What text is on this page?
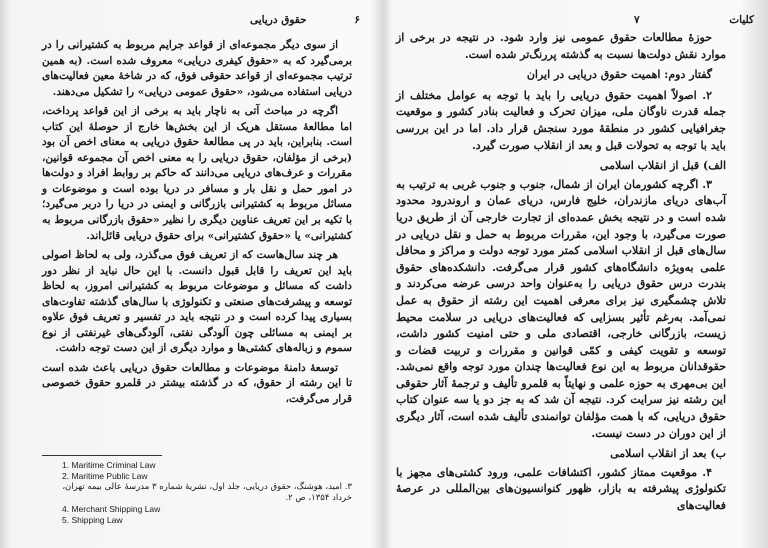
۶
حقوق دریایی

از سوی دیگر مجموعه‌ای از قواعد جرایم مربوط به کشتیرانی را در برمی‌گیرد که به «حقوق کیفری دریایی» معروف شده است. (به همین ترتیب مجموعه‌ای از قواعد حقوقی فوق، که در شاخهٔ معین فعالیت‌های دریایی استفاده می‌شود، «حقوق عمومی دریایی» را تشکیل می‌دهند.

اگرچه در مباحث آتی به ناچار باید به برخی از این قواعد پرداخت، اما مطالعهٔ مستقل هریک از این بخش‌ها خارج از حوصلهٔ این کتاب است. بنابراین، باید در پی مطالعهٔ حقوق دریایی به معنای اخص آن بود (برخی از مؤلفان، حقوق دریایی را به معنی اخص آن مجموعه قوانین، مقررات و عرف‌های دریایی می‌دانند که حاکم بر روابط افراد و دولت‌ها در امور حمل و نقل بار و مسافر در دریا بوده است و موضوعات و مسائل مربوط به کشتیرانی بازرگانی و ایمنی در دریا را دربر می‌گیرد؛ با تکیه بر این تعریف عناوین دیگری را نظیر «حقوق بازرگانی مربوط به کشتیرانی» یا «حقوق کشتیرانی» برای حقوق دریایی قائل‌اند.

هر چند سال‌هاست که از تعریف فوق می‌گذرد، ولی به لحاظ اصولی باید این تعریف را قابل قبول دانست. با این حال نباید از نظر دور داشت که مسائل و موضوعات مربوط به کشتیرانی امروز، به لحاظ توسعه و پیشرفت‌های صنعتی و تکنولوژی با سال‌های گذشته تفاوت‌های بسیاری پیدا کرده است و در نتیجه باید در تفسیر و تعریف فوق علاوه بر ایمنی به مسائلی چون آلودگی نفتی، آلودگی‌های غیرنفتی از نوع سموم و زباله‌های کشتی‌ها و موارد دیگری از این دست توجه داشت.

توسعهٔ دامنهٔ موضوعات و مطالعات حقوق دریایی باعث شده است تا این رشته از حقوق، که در گذشته بیشتر در قلمرو حقوق خصوصی قرار می‌گرفت،

1. Maritime Criminal Law
2. Maritime Public Law
۳. امید، هوشنگ، حقوق دریایی، جلد اول، نشریهٔ شماره ۳ مدرسهٔ عالی بیمه تهران، خرداد ۱۳۵۴، ص ۲.
4. Merchant Shipping Law
5. Shipping Law
کلیات
۷

حوزهٔ مطالعات حقوق عمومی نیز وارد شود. در نتیجه در برخی از موارد نقش دولت‌ها نسبت به گذشته پررنگ‌تر شده است.

گفتار دوم: اهمیت حقوق دریایی در ایران

۲. اصولاً اهمیت حقوق دریایی را باید با توجه به عوامل مختلف از جمله قدرت ناوگان ملی، میزان تحرک و فعالیت بنادر کشور و موقعیت جغرافیایی کشور در منطقهٔ مورد سنجش قرار داد. اما در این بررسی باید با توجه به تحولات قبل و بعد از انقلاب صورت گیرد.

الف) قبل از انقلاب اسلامی

۳. اگرچه کشورمان ایران از شمال، جنوب و جنوب غربی به ترتیب به آب‌های دریای مازندران، خلیج فارس، دریای عمان و اروندرود محدود شده است و در نتیجه بخش عمده‌ای از تجارت خارجی آن از طریق دریا صورت می‌گیرد، با وجود این، مقررات مربوط به حمل و نقل دریایی در سال‌های قبل از انقلاب اسلامی کمتر مورد توجه دولت و مراکز و محافل علمی به‌ویژه دانشگاه‌های کشور قرار می‌گرفت. دانشکده‌های حقوق بندرت درس حقوق دریایی را به‌عنوان واحد درسی عرضه می‌کردند و تلاش چشمگیری نیز برای معرفی اهمیت این رشته از حقوق به عمل نمی‌آمد. به‌رغم تأثیر بسزایی که فعالیت‌های دریایی در سلامت محیط زیست، بازرگانی خارجی، اقتصادی ملی و حتی امنیت کشور داشت، توسعه و تقویت کیفی و کمّی قوانین و مقررات و تربیت قضات و حقوقدانان مربوط به این نوع فعالیت‌ها چندان مورد توجه واقع نمی‌شد. این بی‌مهری به حوزه علمی و نهایتاً به قلمرو تألیف و ترجمهٔ آثار حقوقی این رشته نیز سرایت کرد. نتیجه آن شد که به جز دو یا سه عنوان کتاب حقوق دریایی، که با همت مؤلفان توانمندی تألیف شده است، آثار دیگری از این دوران در دست نیست.

ب) بعد از انقلاب اسلامی

۴. موقعیت ممتاز کشور، اکتشافات علمی، ورود کشتی‌های مجهز با تکنولوژی پیشرفته به بازار، ظهور کنوانسیون‌های بین‌المللی در عرصهٔ فعالیت‌های
